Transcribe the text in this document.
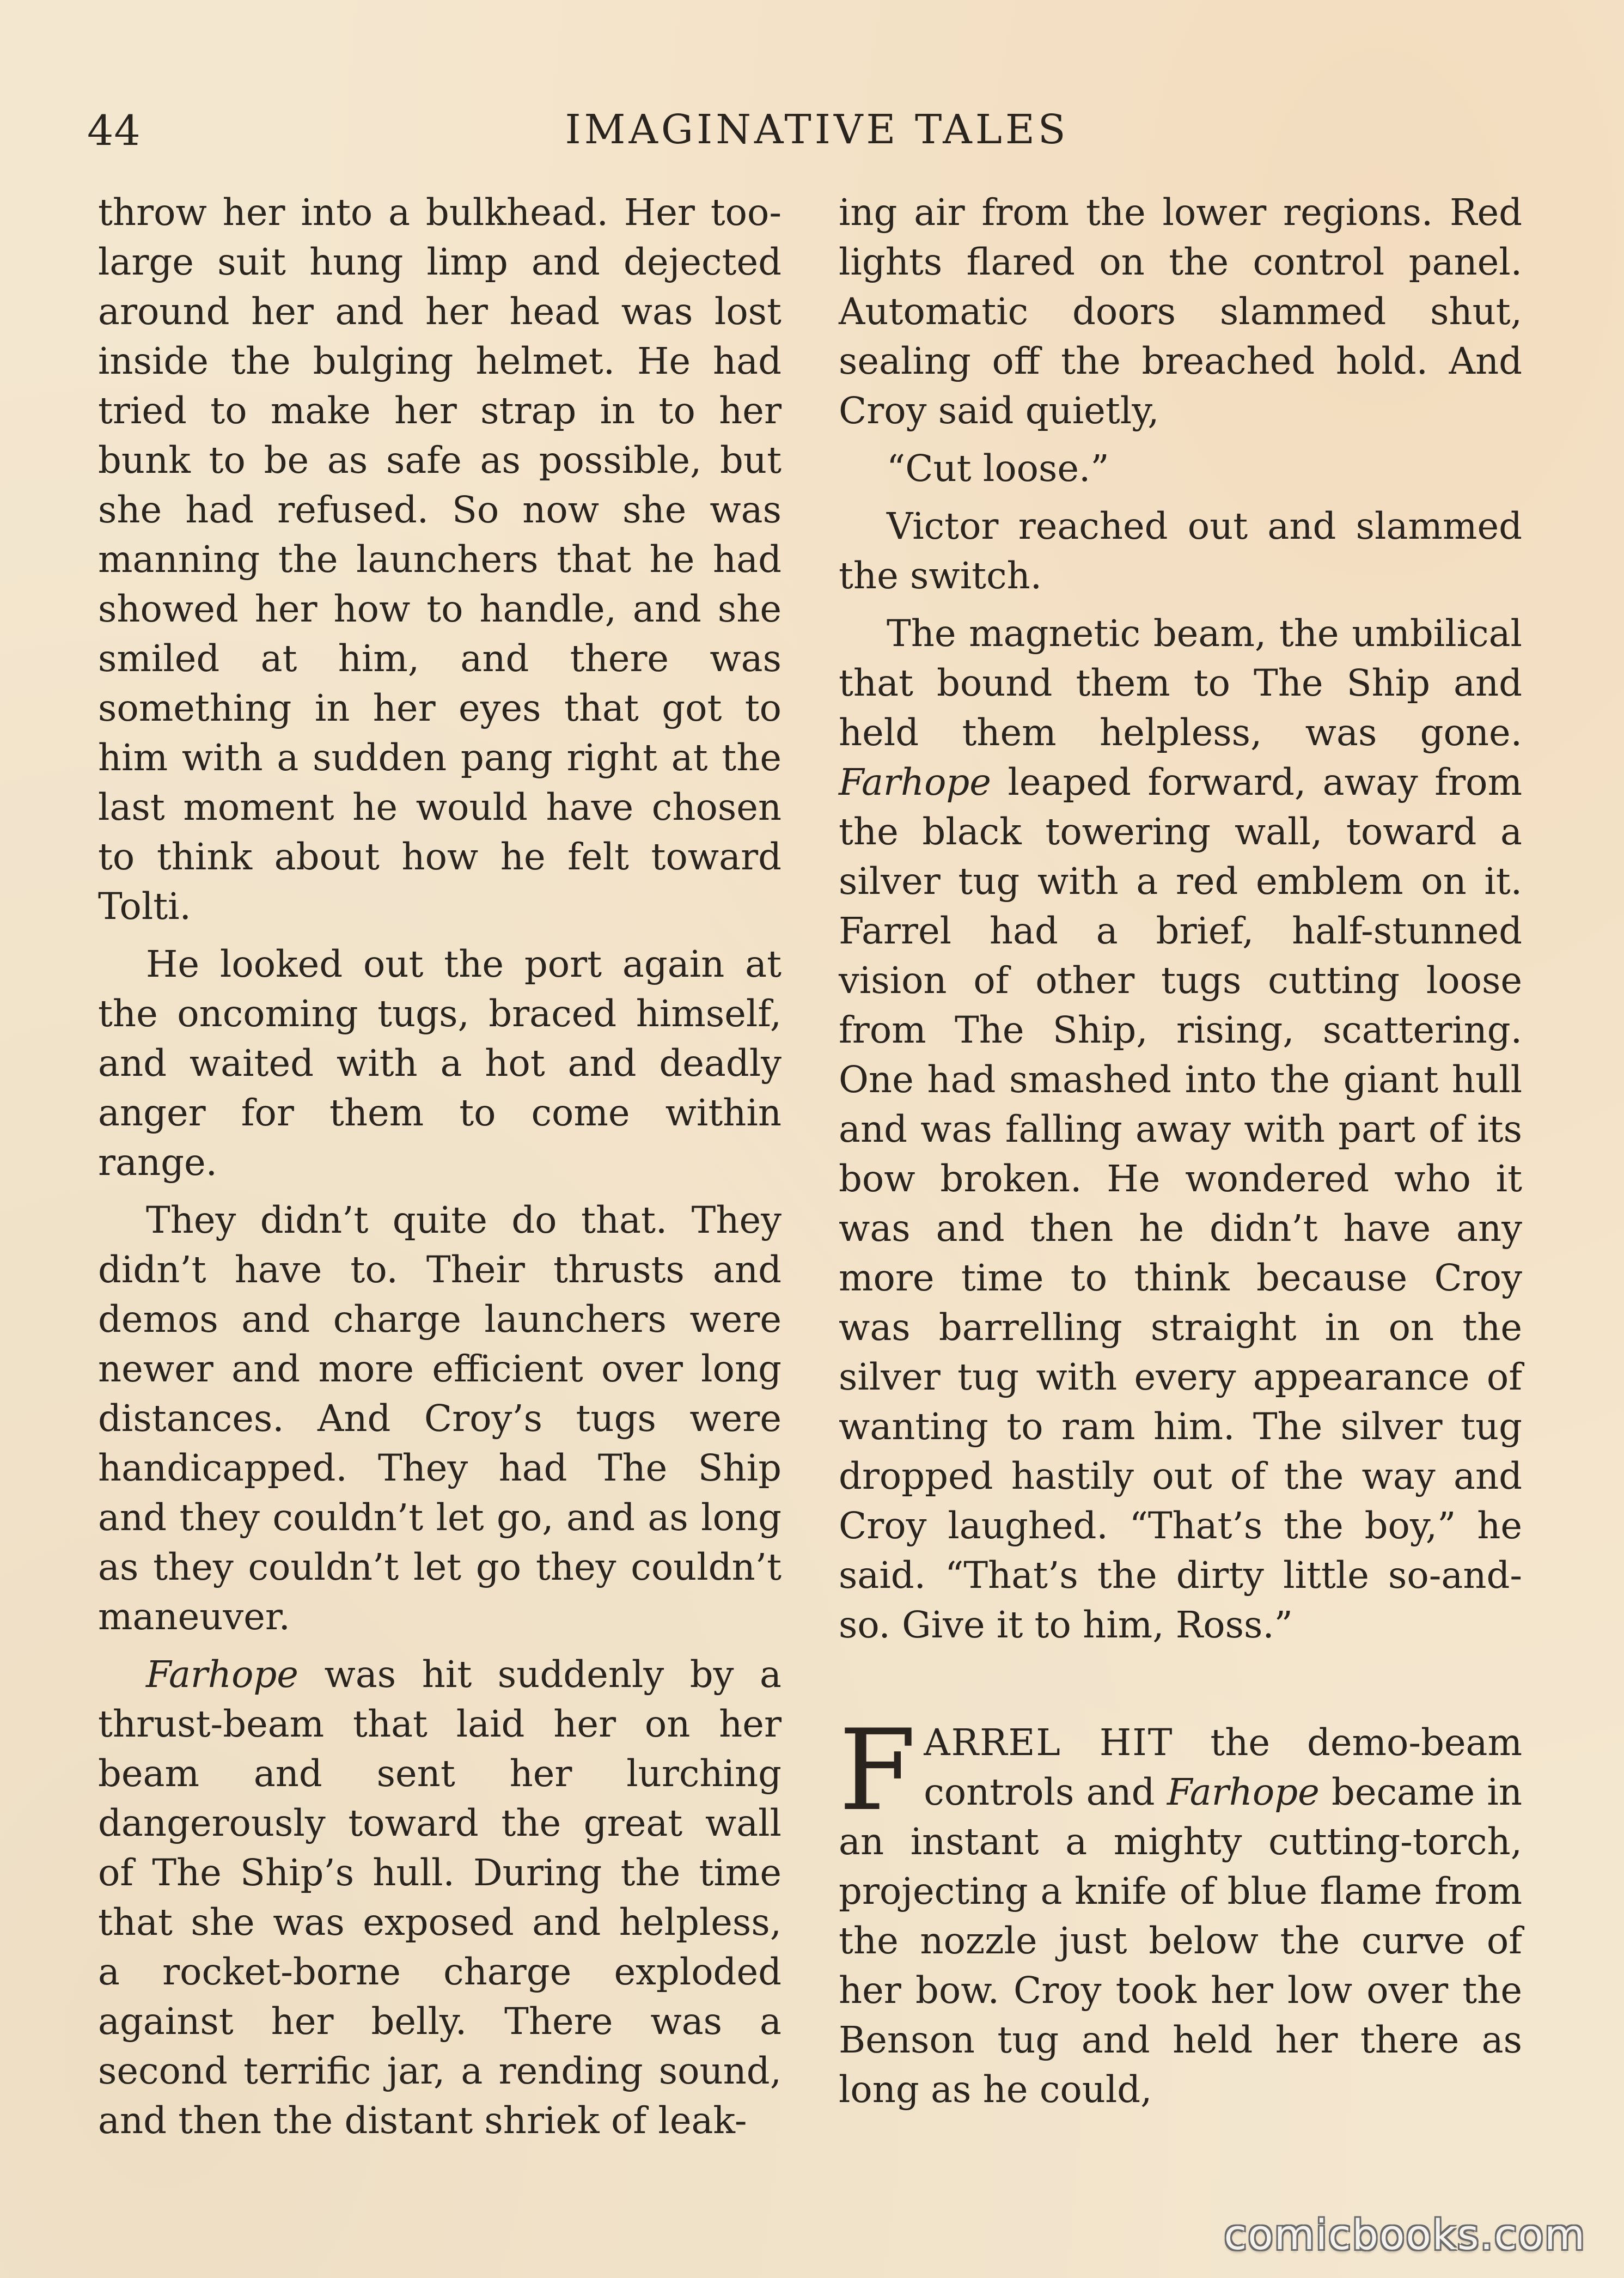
44	IMAGINATIVE TALES

throw her into a bulkhead. Her too-large suit hung limp and dejected around her and her head was lost inside the bulging helmet. He had tried to make her strap in to her bunk to be as safe as possible, but she had refused. So now she was manning the launchers that he had showed her how to handle, and she smiled at him, and there was something in her eyes that got to him with a sudden pang right at the last moment he would have chosen to think about how he felt toward Tolti.

He looked out the port again at the oncoming tugs, braced himself, and waited with a hot and deadly anger for them to come within range.

They didn’t quite do that. They didn’t have to. Their thrusts and demos and charge launchers were newer and more efficient over long distances. And Croy’s tugs were handicapped. They had The Ship and they couldn’t let go, and as long as they couldn’t let go they couldn’t maneuver.

Farhope was hit suddenly by a thrust-beam that laid her on her beam and sent her lurching dangerously toward the great wall of The Ship’s hull. During the time that she was exposed and helpless, a rocket-borne charge exploded against her belly. There was a second terrific jar, a rending sound, and then the distant shriek of leak-

ing air from the lower regions. Red lights flared on the control panel. Automatic doors slammed shut, sealing off the breached hold. And Croy said quietly,

“Cut loose.”

Victor reached out and slammed the switch.

The magnetic beam, the umbilical that bound them to The Ship and held them helpless, was gone. Farhope leaped forward, away from the black towering wall, toward a silver tug with a red emblem on it. Farrel had a brief, half-stunned vision of other tugs cutting loose from The Ship, rising, scattering. One had smashed into the giant hull and was falling away with part of its bow broken. He wondered who it was and then he didn’t have any more time to think because Croy was barrelling straight in on the silver tug with every appearance of wanting to ram him. The silver tug dropped hastily out of the way and Croy laughed. “That’s the boy,” he said. “That’s the dirty little so-and-so. Give it to him, Ross.”

FARREL HIT the demo-beam controls and Farhope became in an instant a mighty cutting-torch, projecting a knife of blue flame from the nozzle just below the curve of her bow. Croy took her low over the Benson tug and held her there as long as he could,

comicbooks.com
